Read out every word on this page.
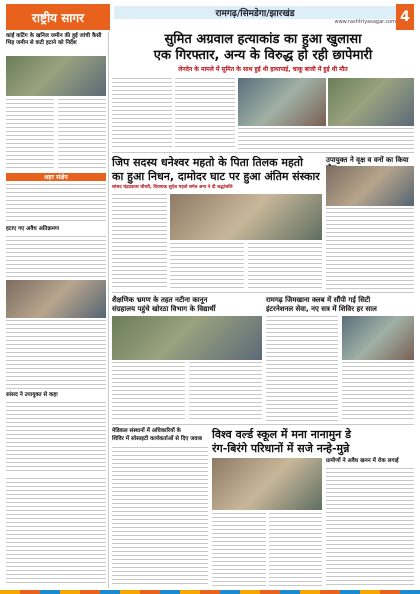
राष्ट्रीय सागर	रामगढ़/सिमडेगा/झारखंड
www.rashtriyasagar.com 4
कांई कटिंग के खनिज जमीन की हुई जांची कैसी भिड़ जमीन से कटी हटाने को निर्देश
शहर संक्षेप
हटाए गए अवैध अतिक्रमण
सांसद ने उपायुक्त से कहा
सुमित अग्रवाल हत्याकांड का हुआ खुलासा
एक गिरफ्तार, अन्य के विरुद्ध हो रही छापेमारी
लेनदेन के मामले में सुमित के साथ हुई थी हाथापाई, चाकू बाजी में हुई थी मौत
जिप सदस्य धनेश्वर महतो के पिता तिलक महतो
का हुआ निधन, दामोदर घाट पर हुआ अंतिम संस्कार
सांसद चंद्रप्रकाश चौधरी, विधायक सुदेश महतो समेत अन्य ने दी श्रद्धांजलि
उपायुक्त ने वृक्ष व वनों का किया
शैक्षणिक भ्रमण के तहत नटीना कानून
संग्रहालय पहुंचे खोरठा विभाग के विद्यार्थी
रामगढ़ जिमखाना क्लब में सौंपी गई सिटी
इंटरनेशनल सेवा, नए सत्र में शिविर हर साल
मेडिकल संस्थानों में अधिकारियों के
शिविर में सोसाइटी कार्यकर्ताओं से दिए जवाब विश्व वर्ल्ड स्कूल में मना नानामुन डे
रंग-बिरंगे परिधानों में सजे नन्हे-मुन्ने
ग्रामीणों ने अवैध खनन में रोक लगाई
